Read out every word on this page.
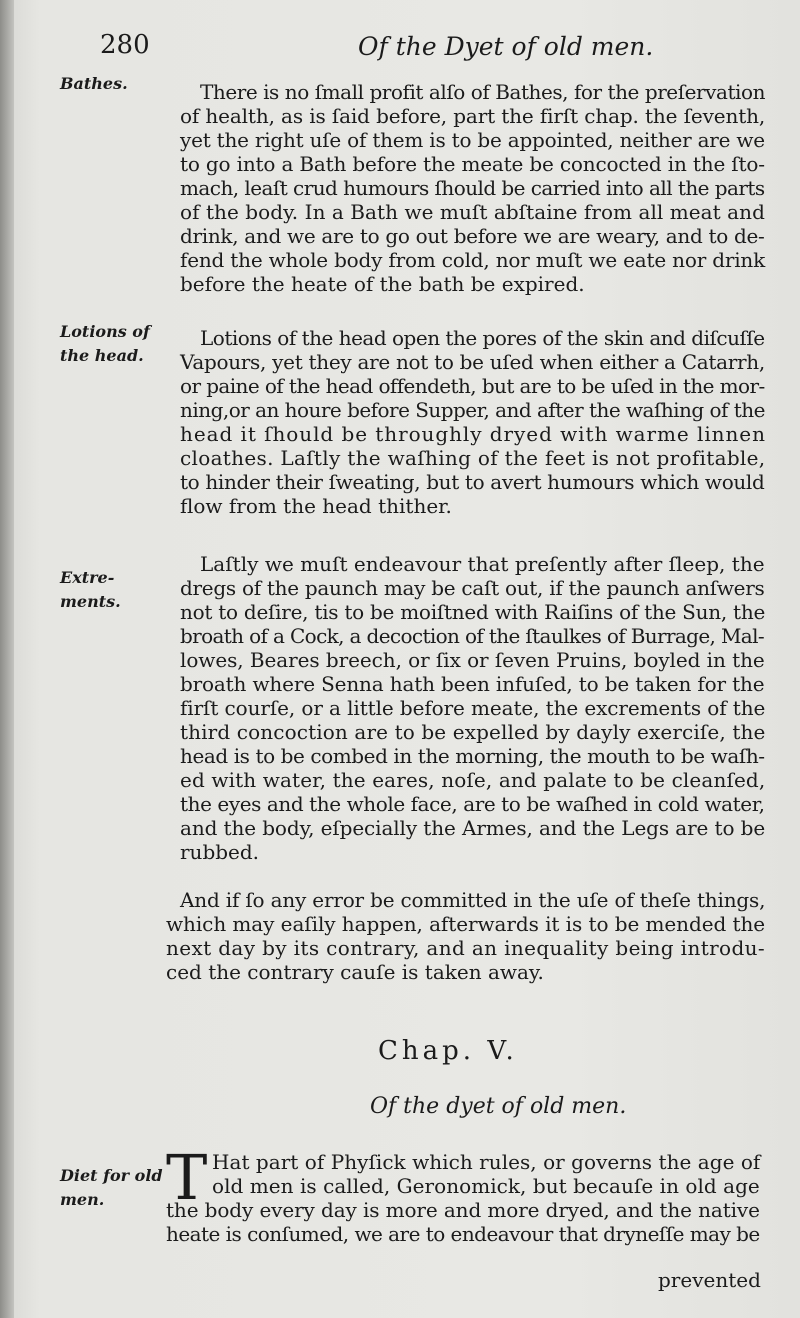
280	Of the Dyet of old men.
Bathes.
Lotions of
the head.
Extre-
ments.
Diet for old
men.
There is no ſmall profit alſo of Bathes, for the preſervation
of health, as is ſaid before, part the firſt chap. the ſeventh,
yet the right uſe of them is to be appointed, neither are we
to go into a Bath before the meate be concocted in the ſto-
mach, leaſt crud humours ſhould be carried into all the parts
of the body. In a Bath we muſt abſtaine from all meat and
drink, and we are to go out before we are weary, and to de-
fend the whole body from cold, nor muſt we eate nor drink
before the heate of the bath be expired.
Lotions of the head open the pores of the skin and diſcuſſe
Vapours, yet they are not to be uſed when either a Catarrh,
or paine of the head offendeth, but are to be uſed in the mor-
ning,or an houre before Supper, and after the waſhing of the
head it ſhould be throughly dryed with warme linnen
cloathes. Laſtly the waſhing of the feet is not profitable,
to hinder their ſweating, but to avert humours which would
flow from the head thither.
Laſtly we muſt endeavour that preſently after ſleep, the
dregs of the paunch may be caſt out, if the paunch anſwers
not to deſire, tis to be moiſtned with Raiſins of the Sun, the
broath of a Cock, a decoction of the ſtaulkes of Burrage, Mal-
lowes, Beares breech, or ſix or ſeven Pruins, boyled in the
broath where Senna hath been infuſed, to be taken for the
firſt courſe, or a little before meate, the excrements of the
third concoction are to be expelled by dayly exerciſe, the
head is to be combed in the morning, the mouth to be waſh-
ed with water, the eares, noſe, and palate to be cleanſed,
the eyes and the whole face, are to be waſhed in cold water,
and the body, eſpecially the Armes, and the Legs are to be
rubbed.
And if ſo any error be committed in the uſe of theſe things,
which may eaſily happen, afterwards it is to be mended the
next day by its contrary, and an inequality being introdu-
ced the contrary cauſe is taken away.
Chap. V.
Of the dyet of old men.
T Hat part of Phyſick which rules, or governs the age of
old men is called, Geronomick, but becauſe in old age
the body every day is more and more dryed, and the native
heate is conſumed, we are to endeavour that dryneſſe may be
prevented
